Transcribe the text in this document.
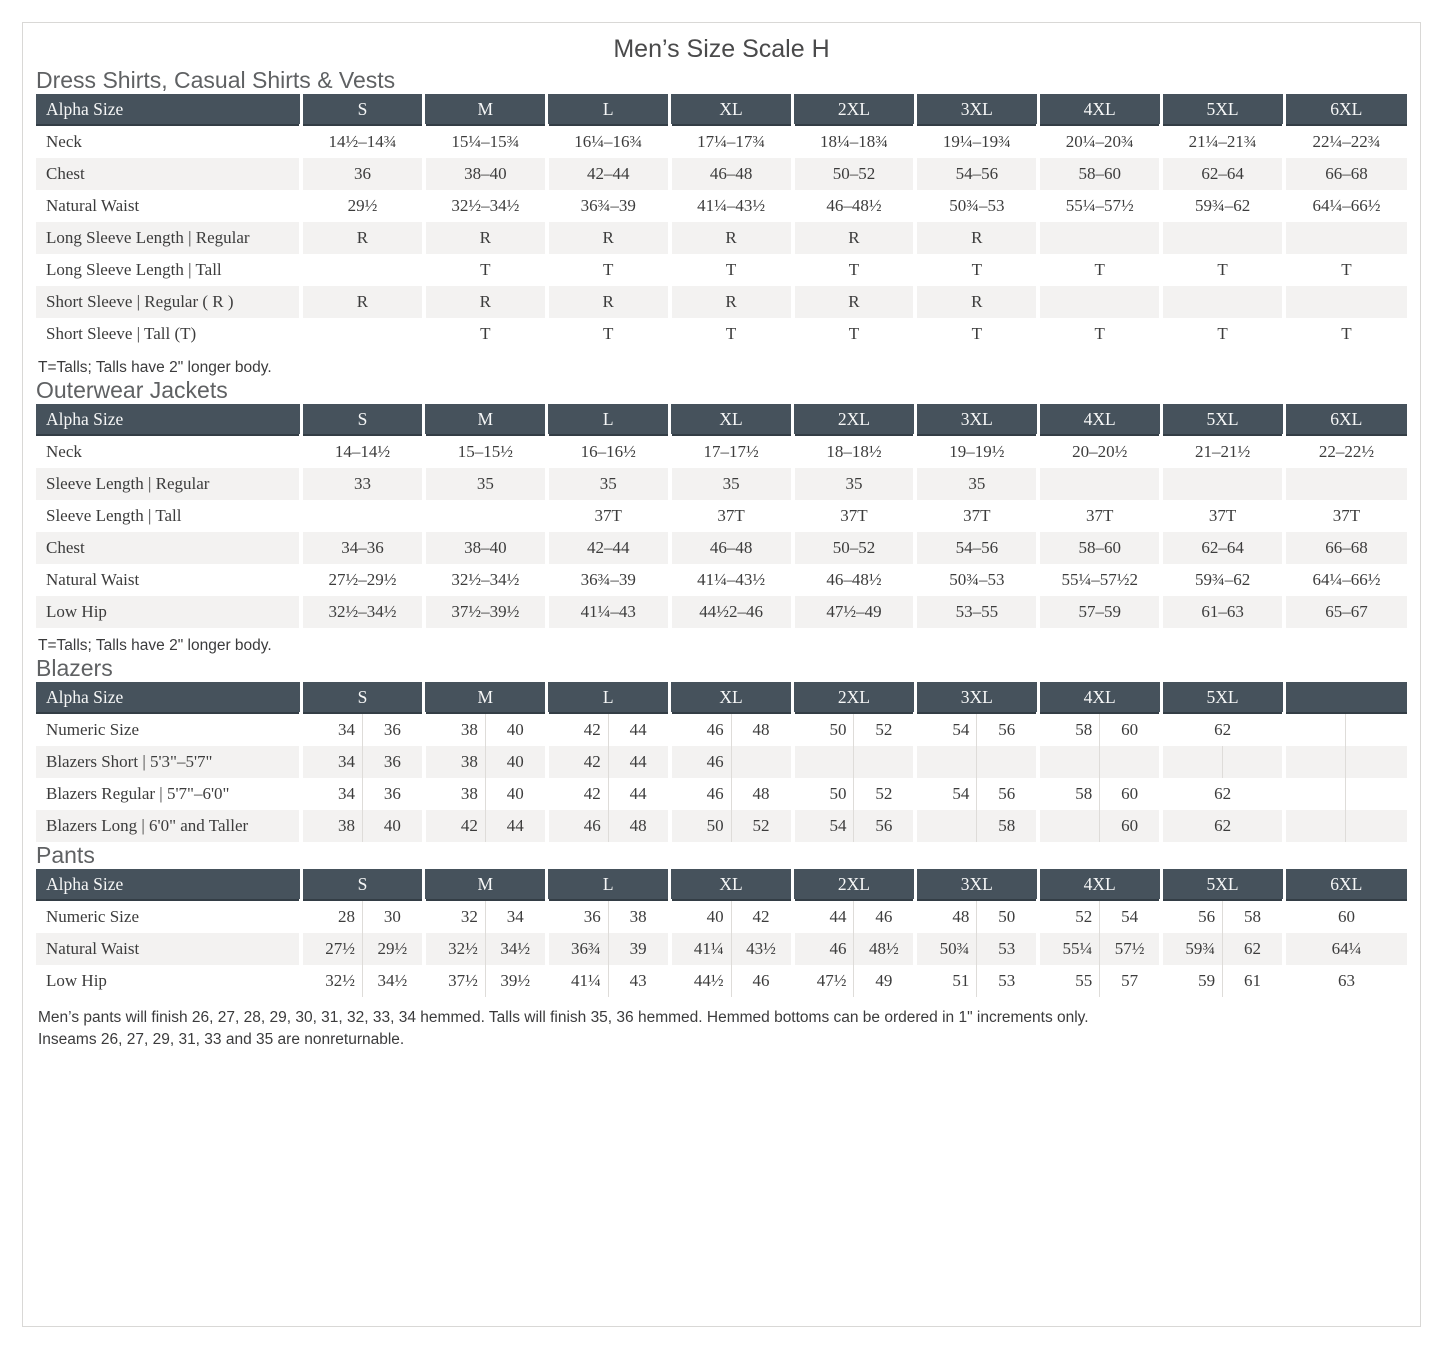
Men’s Size Scale H
Dress Shirts, Casual Shirts & Vests
Alpha Size	S	M	L	XL	2XL	3XL	4XL	5XL	6XL
Neck	14½–14¾	15¼–15¾	16¼–16¾	17¼–17¾	18¼–18¾	19¼–19¾	20¼–20¾	21¼–21¾	22¼–22¾
Chest	36	38–40	42–44	46–48	50–52	54–56	58–60	62–64	66–68
Natural Waist	29½	32½–34½	36¾–39	41¼–43½	46–48½	50¾–53	55¼–57½	59¾–62	64¼–66½
Long Sleeve Length | Regular	R	R	R	R	R	R			
Long Sleeve Length | Tall		T	T	T	T	T	T	T	T
Short Sleeve | Regular ( R )	R	R	R	R	R	R			
Short Sleeve | Tall (T)		T	T	T	T	T	T	T	T

T=Talls; Talls have 2" longer body.

Outerwear Jackets
Alpha Size	S	M	L	XL	2XL	3XL	4XL	5XL	6XL
Neck	14–14½	15–15½	16–16½	17–17½	18–18½	19–19½	20–20½	21–21½	22–22½
Sleeve Length | Regular	33	35	35	35	35	35			
Sleeve Length | Tall			37T	37T	37T	37T	37T	37T	37T
Chest	34–36	38–40	42–44	46–48	50–52	54–56	58–60	62–64	66–68
Natural Waist	27½–29½	32½–34½	36¾–39	41¼–43½	46–48½	50¾–53	55¼–57½2	59¾–62	64¼–66½
Low Hip	32½–34½	37½–39½	41¼–43	44½2–46	47½–49	53–55	57–59	61–63	65–67

T=Talls; Talls have 2" longer body.

Blazers
Alpha Size	S		M		L		XL		2XL		3XL		4XL		5XL			
Numeric Size	34	36	38	40	42	44	46	48	50	52	54	56	58	60	62			
Blazers Short | 5'3"–5'7"	34	36	38	40	42	44	46											
Blazers Regular | 5'7"–6'0"	34	36	38	40	42	44	46	48	50	52	54	56	58	60	62			
Blazers Long | 6'0" and Taller	38	40	42	44	46	48	50	52	54	56		58		60	62			
Pants
Alpha Size	S		M		L		XL		2XL		3XL		4XL		5XL		6XL
Numeric Size	28	30	32	34	36	38	40	42	44	46	48	50	52	54	56	58	60
Natural Waist	27½	29½	32½	34½	36¾	39	41¼	43½	46	48½	50¾	53	55¼	57½	59¾	62	64¼
Low Hip	32½	34½	37½	39½	41¼	43	44½	46	47½	49	51	53	55	57	59	61	63

Men’s pants will finish 26, 27, 28, 29, 30, 31, 32, 33, 34 hemmed. Talls will finish 35, 36 hemmed. Hemmed bottoms can be ordered in 1" increments only.
Inseams 26, 27, 29, 31, 33 and 35 are nonreturnable.
